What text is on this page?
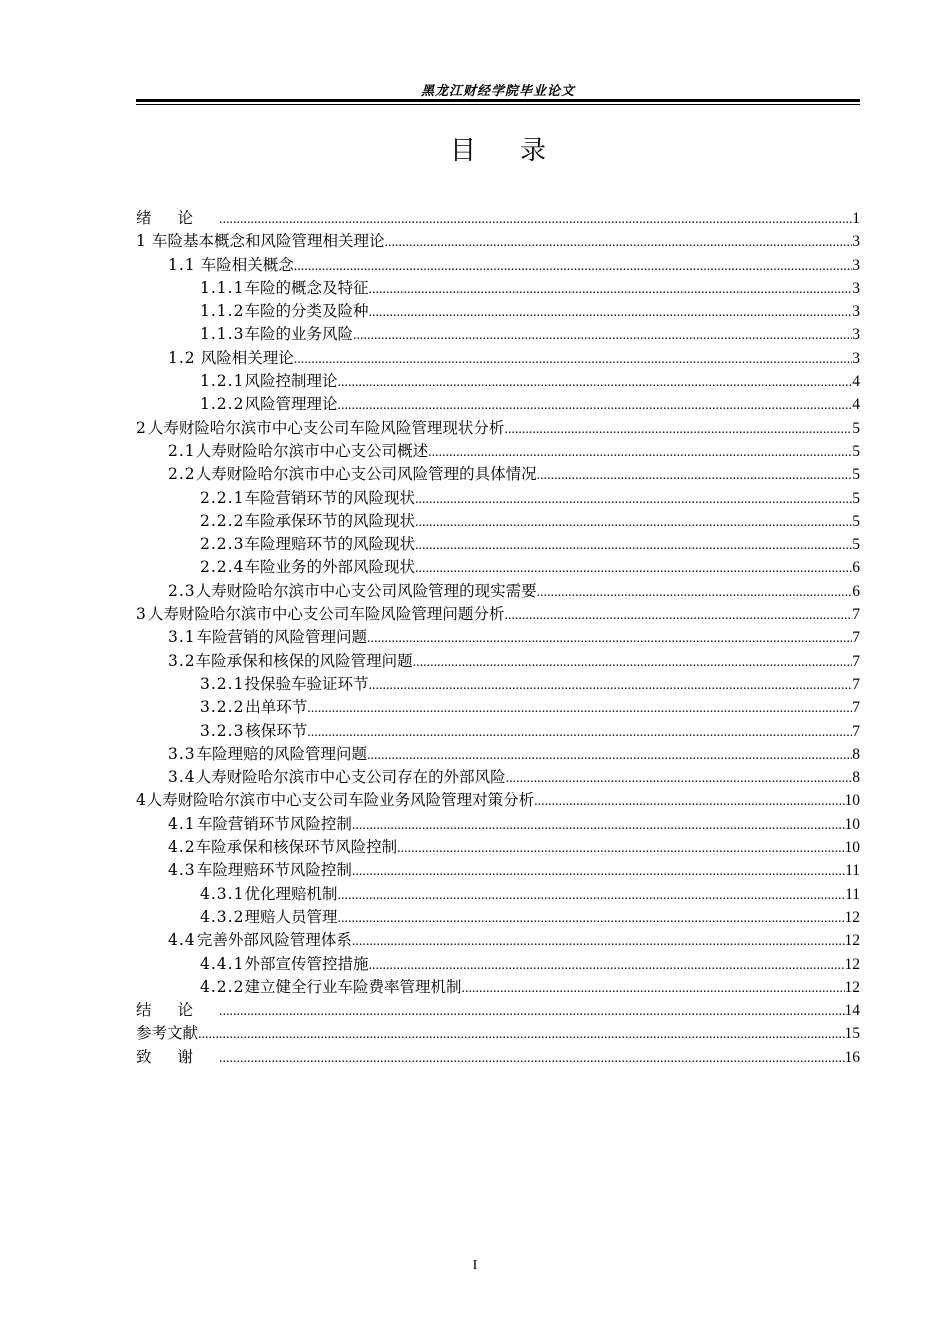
黑龙江财经学院毕业论文
目录
绪论 .....	1
1 车险基本概念和风险管理相关理论 .....	3
1.1 车险相关概念 .....	3
1.1.1 车险的概念及特征 .....	3
1.1.2 车险的分类及险种 .....	3
1.1.3 车险的业务风险 .....	3
1.2 风险相关理论 .....	3
1.2.1 风险控制理论 .....	4
1.2.2 风险管理理论 .....	4
2 人寿财险哈尔滨市中心支公司车险风险管理现状分析 .....	5
2.1 人寿财险哈尔滨市中心支公司概述 .....	5
2.2 人寿财险哈尔滨市中心支公司风险管理的具体情况 .....	5
2.2.1 车险营销环节的风险现状 .....	5
2.2.2 车险承保环节的风险现状 .....	5
2.2.3 车险理赔环节的风险现状 .....	5
2.2.4 车险业务的外部风险现状 .....	6
2.3 人寿财险哈尔滨市中心支公司风险管理的现实需要 .....	6
3 人寿财险哈尔滨市中心支公司车险风险管理问题分析 .....	7
3.1 车险营销的风险管理问题 .....	7
3.2 车险承保和核保的风险管理问题 .....	7
3.2.1 投保验车验证环节 .....	7
3.2.2 出单环节 .....	7
3.2.3 核保环节 .....	7
3.3 车险理赔的风险管理问题 .....	8
3.4 人寿财险哈尔滨市中心支公司存在的外部风险 .....	8
4 人寿财险哈尔滨市中心支公司车险业务风险管理对策分析 .....	10
4.1 车险营销环节风险控制 .....	10
4.2 车险承保和核保环节风险控制 .....	10
4.3 车险理赔环节风险控制 .....	11
4.3.1 优化理赔机制 .....	11
4.3.2 理赔人员管理 .....	12
4.4 完善外部风险管理体系 .....	12
4.4.1 外部宣传管控措施 .....	12
4.2.2 建立健全行业车险费率管理机制 .....	12
结论 .....	14
参考文献 .....	15
致谢 .....	16
I
